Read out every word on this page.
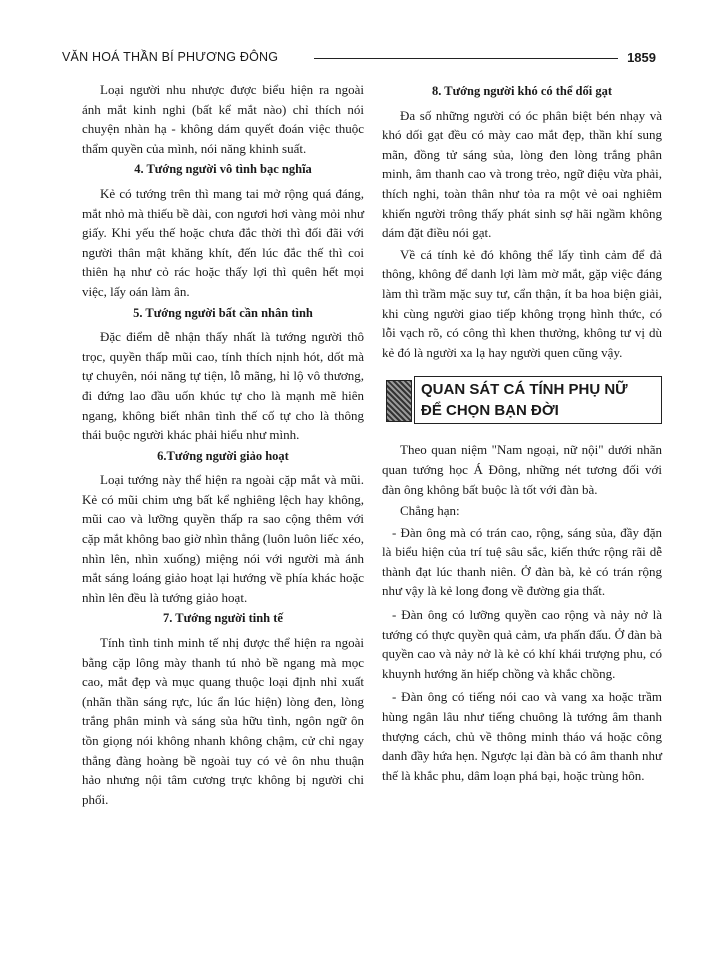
VĂN HOÁ THẦN BÍ PHƯƠNG ĐÔNG	1859

Loại người nhu nhược được biểu hiện ra ngoài ánh mắt kinh nghi (bất kể mắt nào) chỉ thích nói chuyện nhàn hạ - không dám quyết đoán việc thuộc thẩm quyền của mình, nói năng khinh suất.

4. Tướng người vô tình bạc nghĩa

Kẻ có tướng trên thì mang tai mở rộng quá đáng, mắt nhỏ mà thiếu bề dài, con ngươi hơi vàng mỏi như giấy. Khi yếu thế hoặc chưa đắc thời thì đối đãi với người thân mật khăng khít, đến lúc đắc thế thì coi thiên hạ như cỏ rác hoặc thấy lợi thì quên hết mọi việc, lấy oán làm ân.

5. Tướng người bất cần nhân tình

Đặc điểm dễ nhận thấy nhất là tướng người thô trọc, quyền thấp mũi cao, tính thích nịnh hót, dốt mà tự chuyên, nói năng tự tiện, lỗ mãng, hỉ lộ vô thương, đi đứng lao đầu uốn khúc tự cho là mạnh mẽ hiên ngang, không biết nhân tình thế cố tự cho là thông thái buộc người khác phải hiểu như mình.

6.Tướng người giảo hoạt

Loại tướng này thể hiện ra ngoài cặp mắt và mũi. Kẻ có mũi chim ưng bất kể nghiêng lệch hay không, mũi cao và lưỡng quyền thấp ra sao cộng thêm với cặp mắt không bao giờ nhìn thẳng (luôn luôn liếc xéo, nhìn lên, nhìn xuống) miệng nói với người mà ánh mắt sáng loáng giảo hoạt lại hướng về phía khác hoặc nhìn lên đều là tướng giảo hoạt.

7. Tướng người tinh tế

Tính tình tinh minh tế nhị được thể hiện ra ngoài bằng cặp lông mày thanh tú nhỏ bề ngang mà mọc cao, mắt đẹp và mục quang thuộc loại định nhỉ xuất (nhãn thần sáng rực, lúc ẩn lúc hiện) lòng đen, lòng trắng phân minh và sáng sủa hữu tình, ngôn ngữ ôn tồn giọng nói không nhanh không chậm, cử chỉ ngay thẳng đàng hoàng bề ngoài tuy có vẻ ôn nhu thuận hảo nhưng nội tâm cương trực không bị người chi phối.

8. Tướng người khó có thể dối gạt

Đa số những người có óc phân biệt bén nhạy và khó dối gạt đều có mày cao mắt đẹp, thần khí sung mãn, đồng tử sáng sủa, lòng đen lòng trắng phân minh, âm thanh cao và trong trẻo, ngữ điệu vừa phải, thích nghi, toàn thân như tỏa ra một vẻ oai nghiêm khiến người trông thấy phát sinh sợ hãi ngầm không dám đặt điều nói gạt.

Về cá tính kẻ đó không thể lấy tình cảm để đả thông, không để danh lợi làm mờ mắt, gặp việc đáng làm thì trầm mặc suy tư, cẩn thận, ít ba hoa biện giải, khi cùng người giao tiếp không trọng hình thức, có lỗi vạch rõ, có công thì khen thưởng, không tư vị dù kẻ đó là người xa lạ hay người quen cũng vậy.

QUAN SÁT CÁ TÍNH PHỤ NỮ
ĐỂ CHỌN BẠN ĐỜI

Theo quan niệm "Nam ngoại, nữ nội" dưới nhãn quan tướng học Á Đông, những nét tương đối với đàn ông không bất buộc là tốt với đàn bà.

Chẳng hạn:

- Đàn ông mà có trán cao, rộng, sáng sủa, đầy đặn là biểu hiện của trí tuệ sâu sắc, kiến thức rộng rãi dễ thành đạt lúc thanh niên. Ở đàn bà, kẻ có trán rộng như vậy là kẻ long đong về đường gia thất.

- Đàn ông có lưỡng quyền cao rộng và nảy nở là tướng có thực quyền quả cảm, ưa phấn đấu. Ở đàn bà quyền cao và nảy nở là kẻ có khí khái trượng phu, có khuynh hướng ăn hiếp chồng và khắc chồng.

- Đàn ông có tiếng nói cao và vang xa hoặc trầm hùng ngân lâu như tiếng chuông là tướng âm thanh thượng cách, chủ về thông minh tháo vá hoặc công danh đầy hứa hẹn. Ngược lại đàn bà có âm thanh như thế là khắc phu, dâm loạn phá bại, hoặc trùng hôn.
